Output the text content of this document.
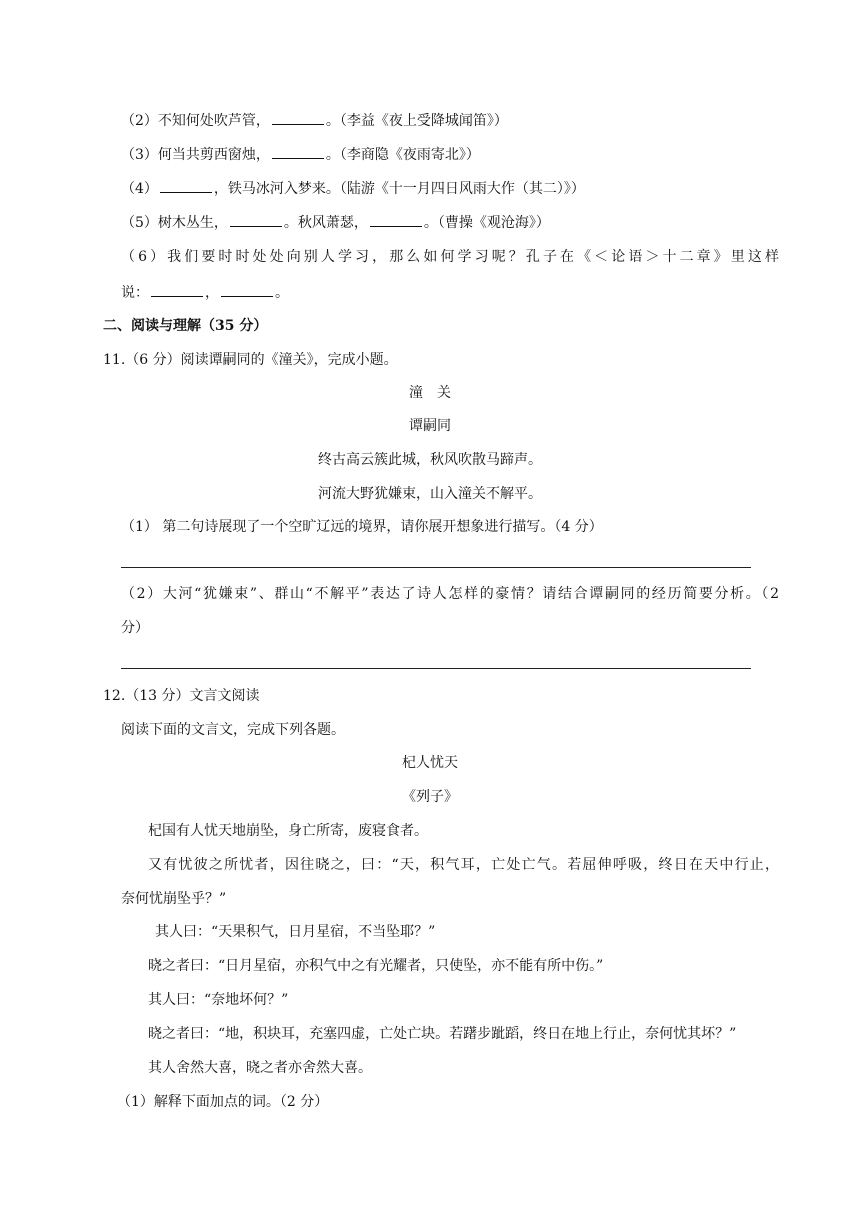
（2）不知何处吹芦管，	。（李益《夜上受降城闻笛》）
（3）何当共剪西窗烛，	。（李商隐《夜雨寄北》）
（4）	，铁马冰河入梦来。（陆游《十一月四日风雨大作（其二）》）
（5）树木丛生，	。秋风萧瑟，	。（曹操《观沧海》）
（6）我们要时时处处向别人学习，那么如何学习呢？孔子在《＜论语＞十二章》里这样
说：	，	。
二、阅读与理解（35 分）
11.（6 分）阅读谭嗣同的《潼关》，完成小题。
潼　关
谭嗣同
终古高云簇此城，秋风吹散马蹄声。
河流大野犹嫌束，山入潼关不解平。
（1） 第二句诗展现了一个空旷辽远的境界，请你展开想象进行描写。（4 分）
（2）大河“犹嫌束”、群山“不解平”表达了诗人怎样的豪情？请结合谭嗣同的经历简要分析。（2
分）
12.（13 分）文言文阅读
阅读下面的文言文，完成下列各题。
杞人忧天
《列子》
杞国有人忧天地崩坠，身亡所寄，废寝食者。
又有忧彼之所忧者，因往晓之，曰：“天，积气耳，亡处亡气。若屈伸呼吸，终日在天中行止，
奈何忧崩坠乎？”
其人曰：“天果积气，日月星宿，不当坠耶？”
晓之者曰：“日月星宿，亦积气中之有光耀者，只使坠，亦不能有所中伤。”
其人曰：“奈地坏何？”
晓之者曰：“地，积块耳，充塞四虚，亡处亡块。若躇步跐蹈，终日在地上行止，奈何忧其坏？”
其人舍然大喜，晓之者亦舍然大喜。
（1）解释下面加点的词。（2 分）
